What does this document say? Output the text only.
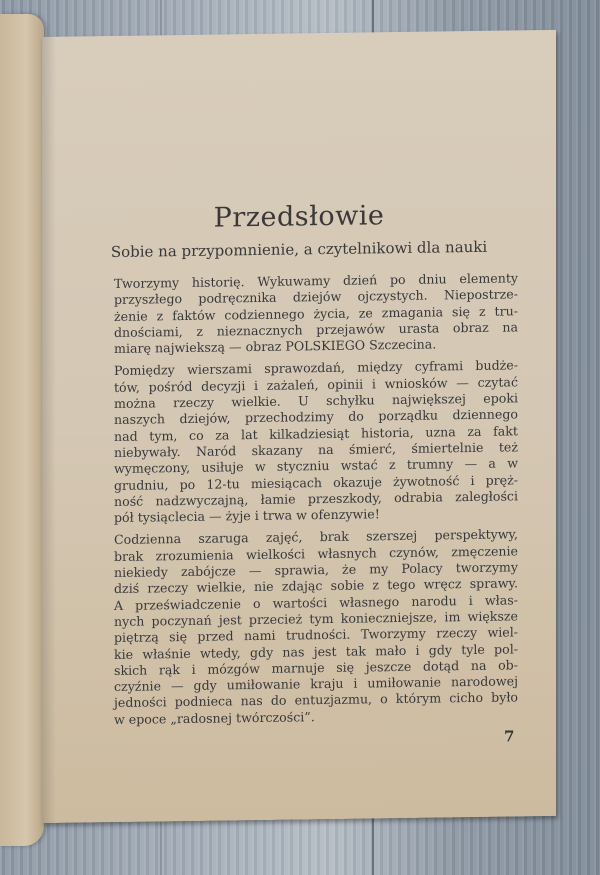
Przedsłowie
Sobie na przypomnienie, a czytelnikowi dla nauki
Tworzymy historię. Wykuwamy dzień po dniu elementy
przyszłego podręcznika dziejów ojczystych. Niepostrze-
żenie z faktów codziennego życia, ze zmagania się z tru-
dnościami, z nieznacznych przejawów urasta obraz na
miarę najwiekszą — obraz POLSKIEGO Szczecina.
Pomiędzy wierszami sprawozdań, między cyframi budże-
tów, pośród decyzji i zażaleń, opinii i wniosków — czytać
można rzeczy wielkie. U schyłku największej epoki
naszych dziejów, przechodzimy do porządku dziennego
nad tym, co za lat kilkadziesiąt historia, uzna za fakt
niebywały. Naród skazany na śmierć, śmiertelnie też
wymęczony, usiłuje w styczniu wstać z trumny — a w
grudniu, po 12-tu miesiącach okazuje żywotność i pręż-
ność nadzwyczajną, łamie przeszkody, odrabia zaległości
pół tysiąclecia — żyje i trwa w ofenzywie!
Codzienna szaruga zajęć, brak szerszej perspektywy,
brak zrozumienia wielkości własnych czynów, zmęczenie
niekiedy zabójcze — sprawia, że my Polacy tworzymy
dziś rzeczy wielkie, nie zdając sobie z tego wręcz sprawy.
A przeświadczenie o wartości własnego narodu i włas-
nych poczynań jest przecież tym konieczniejsze, im większe
piętrzą się przed nami trudności. Tworzymy rzeczy wiel-
kie właśnie wtedy, gdy nas jest tak mało i gdy tyle pol-
skich rąk i mózgów marnuje się jeszcze dotąd na ob-
czyźnie — gdy umiłowanie kraju i umiłowanie narodowej
jedności podnieca nas do entuzjazmu, o którym cicho było
w epoce „radosnej twórczości”.
7
